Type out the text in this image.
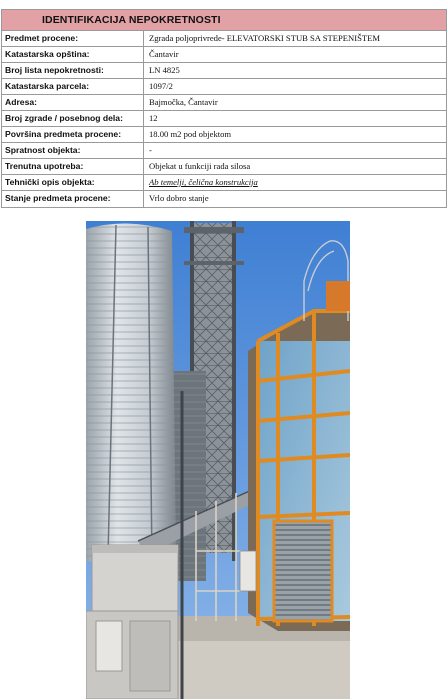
IDENTIFIKACIJA NEPOKRETNOSTI
Predmet procene:	Zgrada poljoprivrede- ELEVATORSKI STUB SA STEPENIŠTEM
Katastarska opština:	Čantavir
Broj lista nepokretnosti:	LN 4825
Katastarska parcela:	1097/2
Adresa:	Bajmočka, Čantavir
Broj zgrade / posebnog dela:	12
Površina predmeta procene:	18.00 m2 pod objektom
Spratnost objekta:	-
Trenutna upotreba:	Objekat u funkciji rada silosa
Tehnički opis objekta:	Ab temelji, čelična konstrukcija
Stanje predmeta procene:	Vrlo dobro stanje
